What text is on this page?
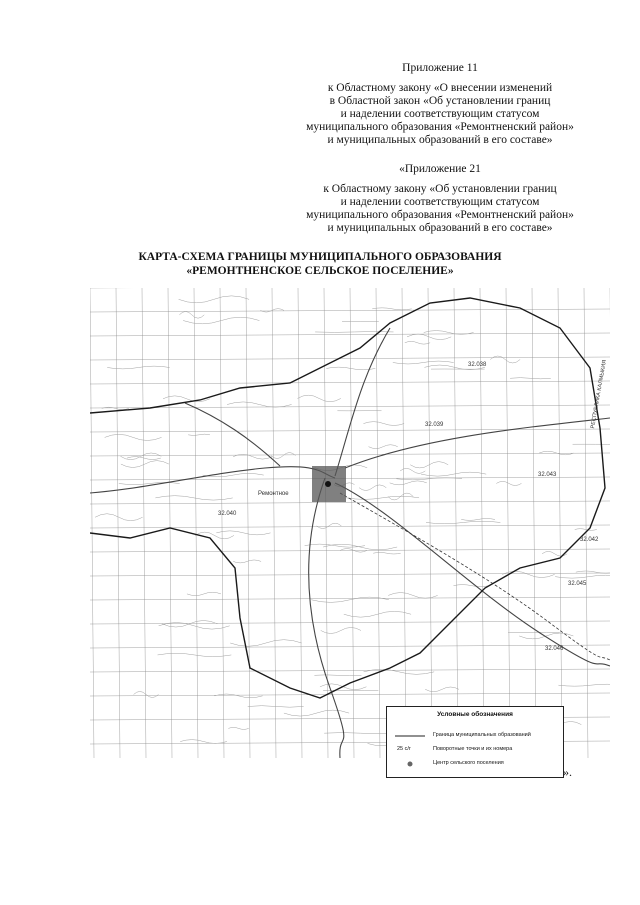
Приложение 11
к Областному закону «О внесении изменений
в Областной закон «Об установлении границ
и наделении соответствующим статусом
муниципального образования «Ремонтненский район»
и муниципальных образований в его составе»
«Приложение 21
к Областному закону «Об установлении границ
и наделении соответствующим статусом
муниципального образования «Ремонтненский район»
и муниципальных образований в его составе»
КАРТА-СХЕМА ГРАНИЦЫ МУНИЦИПАЛЬНОГО ОБРАЗОВАНИЯ
«РЕМОНТНЕНСКОЕ СЕЛЬСКОЕ ПОСЕЛЕНИЕ»
Ремонтное
РЕСПУБЛИКА КАЛМЫКИЯ
32.040
32.046
32.045
32.039
32.038
32.042
32.043
Условные обозначения
Граница муниципальных образований
25 с/г	Поворотные точки и их номера
Центр сельского поселения
».
